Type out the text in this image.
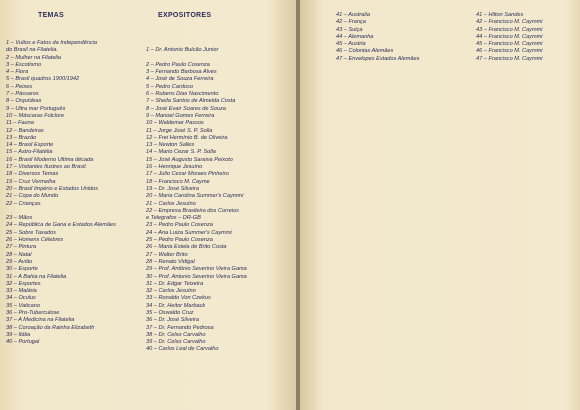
TEMAS	EXPOSITORES
1 – Vultos e Fatos da Independência
do Brasil na Filatelia.
2 – Mulher na Filatelia
3 – Escotismo
4 – Flora
5 – Brasil quadros 1900/1942
6 – Peixes
7 – Pássaros
8 – Orquídeas
9 – Ultra mar Português
10 – Máscaras Folclore
11 – Fauna
12 – Bandeiras
13 – Brazão
14 – Brasil Esporte
15 – Astro-Filatélia
16 – Brasil Moderno Última década
17 – Visitantes Ilustres ao Brasil.
18 – Diversos Temas
19 – Cruz Vermelha
20 – Brasil Império e Estados Unidos
21 – Copa do Mundo
22 – Crianças
23 – Mãos
24 – República de Gana e Estados Alemães
25 – Sobre Taxados
26 – Homens Célebres
27 – Pintura
28 – Natal
29 – Avião
30 – Esporte
31 – A Bahia na Filatelia
32 – Esportes
33 – Malária
34 – Óculus
35 – Vaticano
36 – Pro-Tuberculose
37 – A Medicina na Filatelia
38 – Coroação da Rainha Elizabeth
39 – Itália
40 – Portugal
1 – Dr. Antonio Bulcão Junior
2 – Pedro Paulo Cosenza
3 – Fernando Barbosa Alves
4 – José de Souza Ferreira
5 – Pedro Cardoso
6 – Rubens Dias Nascimento
7 – Sheila Santos de Almeida Costa
8 – José Evair Soares de Souza
9 – Manoel Gomes Ferreira
10 – Waldemar Passos
11 – Jorge José S. P. Solla
12 – Frei Hermínio B. de Oliveira
13 – Newton Salles
14 – Mario Cezar S. P. Solla
15 – José Augusto Saraiva Peixoto
16 – Henrique Jesuíno
17 – Julio Cezar Moraes Pinheiro
18 – Francisco M. Cayme
19 – Dr. José Silveira
20 – Maria Carolina Summer's Caymmi
21 – Carlos Jesuíno
22 – Empresa Brasileira dos Correios
e Telegrafos – DR-GB
23 – Pedro Paulo Cosenza
24 – Ana Luiza Summer's Caymmi
25 – Pedro Paulo Cosenza
26 – Maria Estela de Brito Costa
27 – Walter Brito
28 – Renato Vidigal
29 – Prof. Antônio Severino Vieira Gama
30 – Prof. Antonio Severino Vieira Gama
31 – Dr. Edgar Teixeira
32 – Carlos Jesuíno
33 – Ronaldo Von Czekus
34 – Dr. Heitor Marback
35 – Oswaldo Cruz
36 – Dr. José Silveira
37 – Dr. Fernando Pedrosa
38 – Dr. Celso Carvalho
39 – Dr. Celso Carvalho
40 – Carlos Leal de Carvalho
41 – Australia
42 – França
43 – Suiça
44 – Alemanha
45 – Austria
46 – Colonias Alemães
47 – Envelopes Estados Alemães
41 – Hilton Sandes
42 – Francisco M. Caymmi
43 – Francisco M. Caymmi
44 – Francisco M. Caymmi
45 – Francisco M. Caymmi
46 – Francisco M. Caymmi
47 – Francisco M. Caymmi
